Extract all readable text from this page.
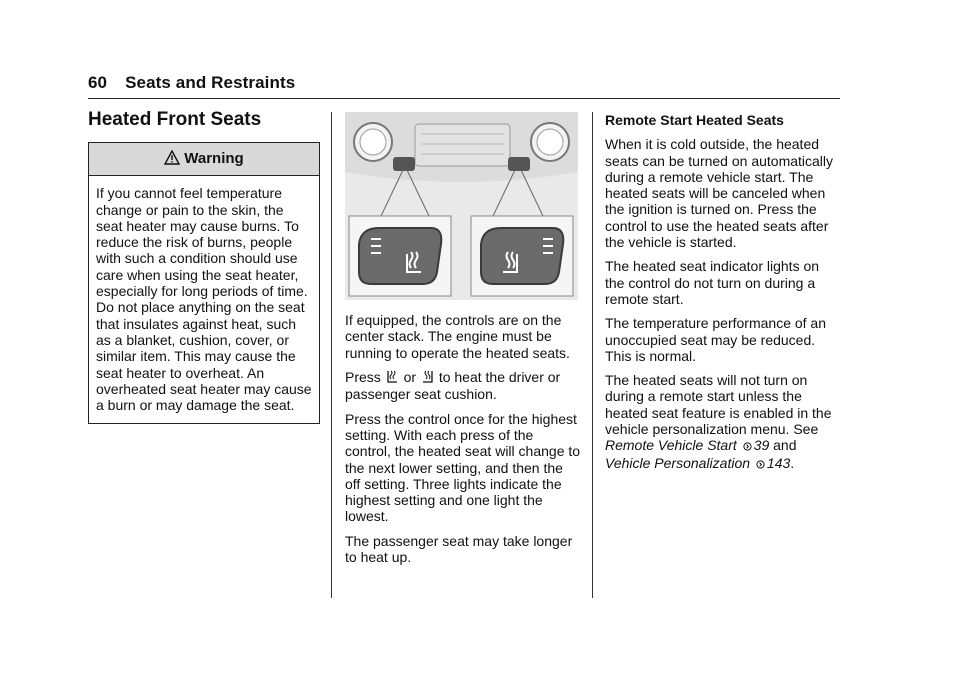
60 Seats and Restraints
Heated Front Seats
Warning
If you cannot feel temperature change or pain to the skin, the seat heater may cause burns. To reduce the risk of burns, people with such a condition should use care when using the seat heater, especially for long periods of time. Do not place anything on the seat that insulates against heat, such as a blanket, cushion, cover, or similar item. This may cause the seat heater to overheat. An overheated seat heater may cause a burn or may damage the seat.

If equipped, the controls are on the center stack. The engine must be running to operate the heated seats.

Press or to heat the driver or passenger seat cushion.

Press the control once for the highest setting. With each press of the control, the heated seat will change to the next lower setting, and then the off setting. Three lights indicate the highest setting and one light the lowest.

The passenger seat may take longer to heat up.

Remote Start Heated Seats

When it is cold outside, the heated seats can be turned on automatically during a remote vehicle start. The heated seats will be canceled when the ignition is turned on. Press the control to use the heated seats after the vehicle is started.

The heated seat indicator lights on the control do not turn on during a remote start.

The temperature performance of an unoccupied seat may be reduced. This is normal.

The heated seats will not turn on during a remote start unless the heated seat feature is enabled in the vehicle personalization menu. See Remote Vehicle Start 39 and Vehicle Personalization 143.
